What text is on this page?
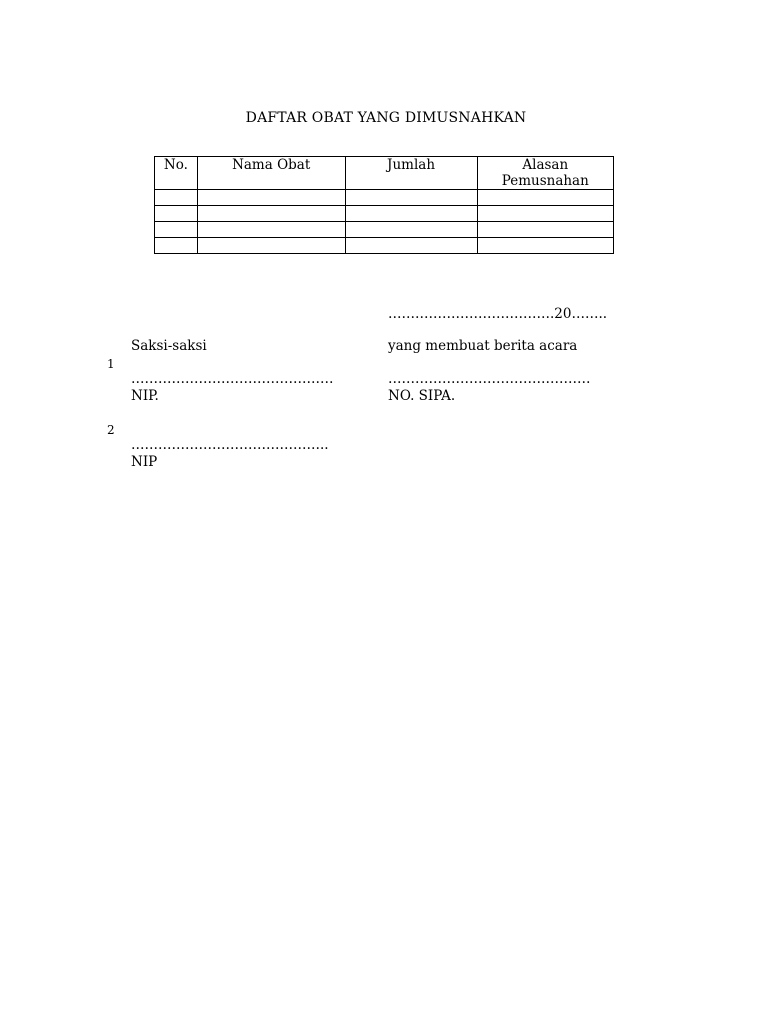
DAFTAR OBAT YANG DIMUSNAHKAN
No.	Nama Obat	Jumlah	Alasan
Pemusnahan

……………………………….20……..
Saksi-saksi	yang membuat berita acara
1
………………………………………	………………………………………
NIP.	NO. SIPA.
2
……………………………………..
NIP
